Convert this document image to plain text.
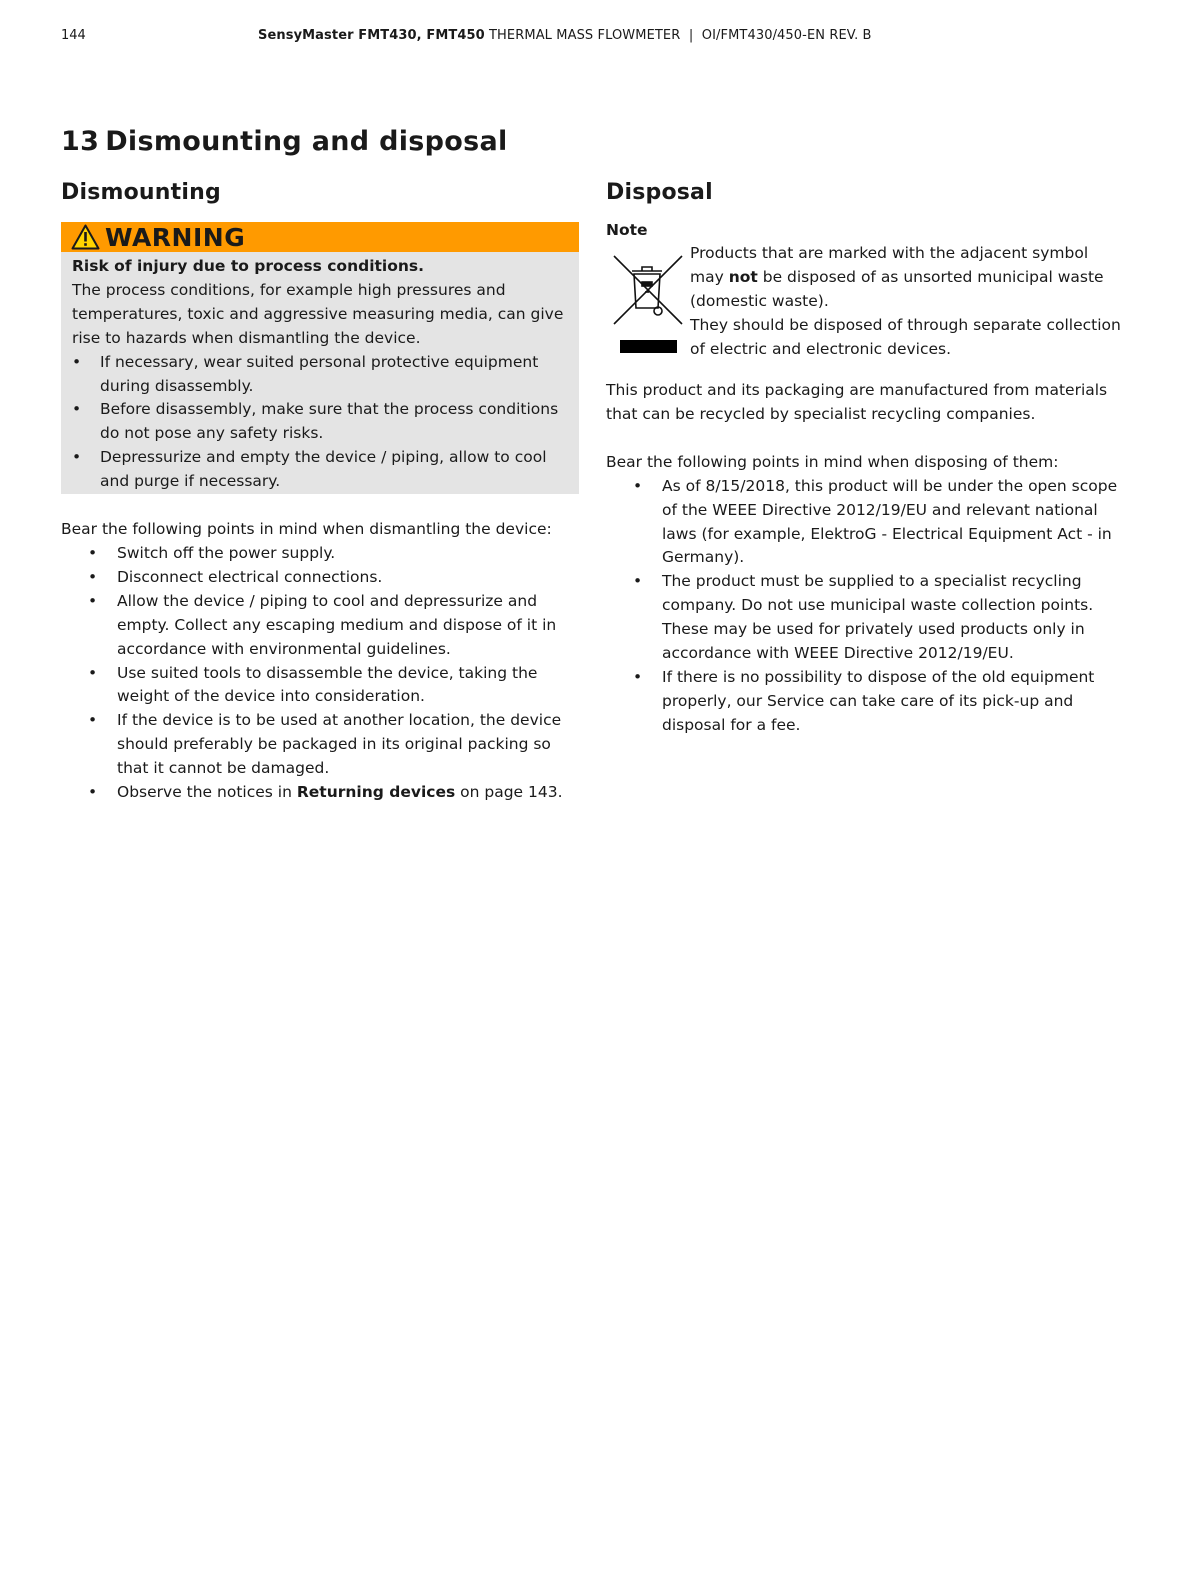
144	SensyMaster FMT430, FMT450 THERMAL MASS FLOWMETER  |  OI/FMT430/450-EN REV. B
13 Dismounting and disposal
Dismounting
WARNING
Risk of injury due to process conditions.
The process conditions, for example high pressures and temperatures, toxic and aggressive measuring media, can give rise to hazards when dismantling the device.
• If necessary, wear suited personal protective equipment during disassembly.
• Before disassembly, make sure that the process conditions do not pose any safety risks.
• Depressurize and empty the device / piping, allow to cool and purge if necessary.

Bear the following points in mind when dismantling the device:

• Switch off the power supply.
• Disconnect electrical connections.
• Allow the device / piping to cool and depressurize and empty. Collect any escaping medium and dispose of it in accordance with environmental guidelines.
• Use suited tools to disassemble the device, taking the weight of the device into consideration.
• If the device is to be used at another location, the device should preferably be packaged in its original packing so that it cannot be damaged.
• Observe the notices in Returning devices on page 143.
Disposal
Note
Products that are marked with the adjacent symbol
may not be disposed of as unsorted municipal waste (domestic waste).
They should be disposed of through separate collection of electric and electronic devices.

This product and its packaging are manufactured from materials that can be recycled by specialist recycling companies.

Bear the following points in mind when disposing of them:

• As of 8/15/2018, this product will be under the open scope of the WEEE Directive 2012/19/EU and relevant national laws (for example, ElektroG - Electrical Equipment Act - in Germany).
• The product must be supplied to a specialist recycling company. Do not use municipal waste collection points. These may be used for privately used products only in accordance with WEEE Directive 2012/19/EU.
• If there is no possibility to dispose of the old equipment properly, our Service can take care of its pick-up and disposal for a fee.
